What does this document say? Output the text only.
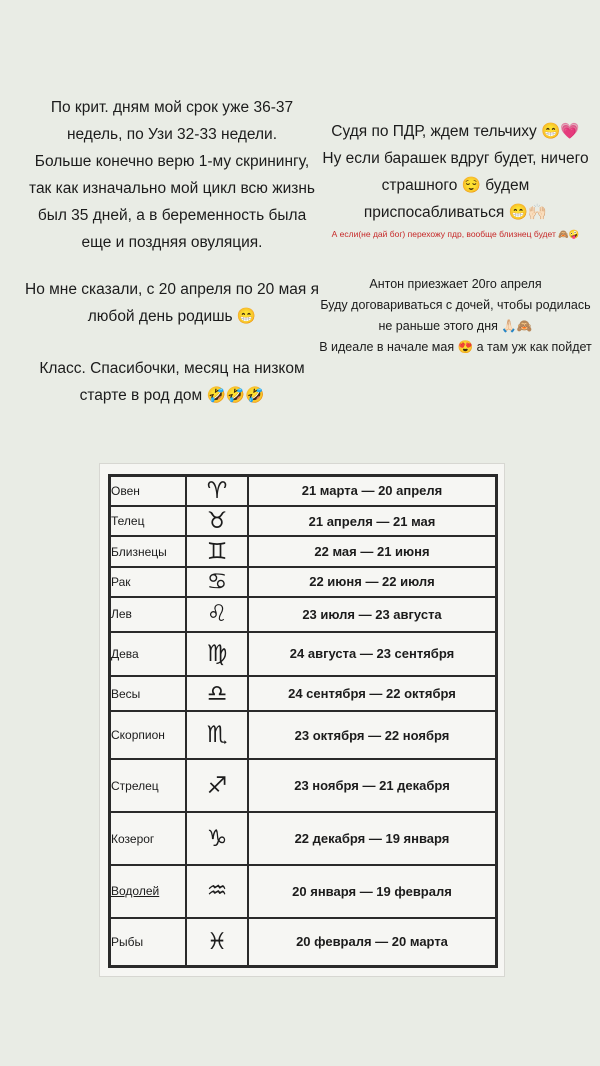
По крит. дням мой срок уже 36-37 недель, по Узи 32-33 недели.
Больше конечно верю 1-му скринингу, так как изначально мой цикл всю жизнь был 35 дней, а в беременность была еще и поздняя овуляция.
Но мне сказали, с 20 апреля по 20 мая я любой день родишь 😁
Класс. Спасибочки, месяц на низком старте в род дом 🤣🤣🤣
Судя по ПДР, ждем тельчиху 😁💗
Ну если барашек вдруг будет, ничего страшного 😌 будем приспосабливаться 😁🙌🏻
А если(не дай бог) перехожу пдр, вообще близнец будет 🙈🤪
Антон приезжает 20го апреля
Буду договариваться с дочей, чтобы родилась не раньше этого дня 🙏🏻🙈
В идеале в начале мая 😍 а там уж как пойдет
Овен	♈	21 марта — 20 апреля
Телец	♉	21 апреля — 21 мая
Близнецы	♊	22 мая — 21 июня
Рак	♋	22 июня — 22 июля
Лев	♌	23 июля — 23 августа
Дева	♍	24 августа — 23 сентября
Весы	♎	24 сентября — 22 октября
Скорпион	♏	23 октября — 22 ноября
Стрелец	♐	23 ноября — 21 декабря
Козерог	♑	22 декабря — 19 января
Водолей	♒	20 января — 19 февраля
Рыбы	♓	20 февраля — 20 марта
